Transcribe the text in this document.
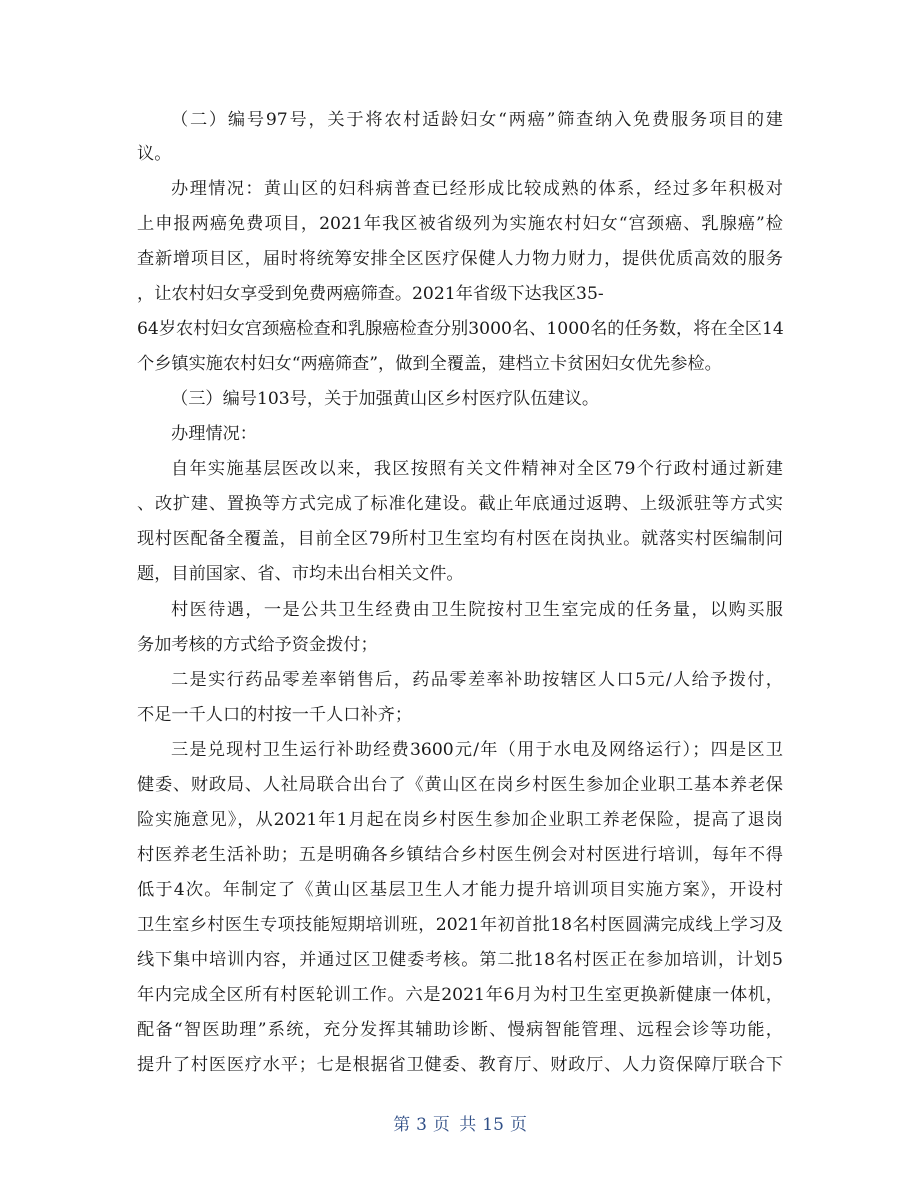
（二）编号97号，关于将农村适龄妇女“两癌”筛查纳入免费服务项目的建
议。
办理情况：黄山区的妇科病普查已经形成比较成熟的体系，经过多年积极对
上申报两癌免费项目，2021年我区被省级列为实施农村妇女“宫颈癌、乳腺癌”检
查新增项目区，届时将统筹安排全区医疗保健人力物力财力，提供优质高效的服务
，让农村妇女享受到免费两癌筛查。2021年省级下达我区35-
64岁农村妇女宫颈癌检查和乳腺癌检查分别3000名、1000名的任务数，将在全区14
个乡镇实施农村妇女“两癌筛查”，做到全覆盖，建档立卡贫困妇女优先参检。
（三）编号103号，关于加强黄山区乡村医疗队伍建议。
办理情况：
自年实施基层医改以来，我区按照有关文件精神对全区79个行政村通过新建
、改扩建、置换等方式完成了标准化建设。截止年底通过返聘、上级派驻等方式实
现村医配备全覆盖，目前全区79所村卫生室均有村医在岗执业。就落实村医编制问
题，目前国家、省、市均未出台相关文件。
村医待遇，一是公共卫生经费由卫生院按村卫生室完成的任务量，以购买服
务加考核的方式给予资金拨付；
二是实行药品零差率销售后，药品零差率补助按辖区人口5元/人给予拨付，
不足一千人口的村按一千人口补齐；
三是兑现村卫生运行补助经费3600元/年（用于水电及网络运行）；四是区卫
健委、财政局、人社局联合出台了《黄山区在岗乡村医生参加企业职工基本养老保
险实施意见》，从2021年1月起在岗乡村医生参加企业职工养老保险，提高了退岗
村医养老生活补助；五是明确各乡镇结合乡村医生例会对村医进行培训，每年不得
低于4次。年制定了《黄山区基层卫生人才能力提升培训项目实施方案》，开设村
卫生室乡村医生专项技能短期培训班，2021年初首批18名村医圆满完成线上学习及
线下集中培训内容，并通过区卫健委考核。第二批18名村医正在参加培训，计划5
年内完成全区所有村医轮训工作。六是2021年6月为村卫生室更换新健康一体机，
配备“智医助理”系统，充分发挥其辅助诊断、慢病智能管理、远程会诊等功能，
提升了村医医疗水平；七是根据省卫健委、教育厅、财政厅、人力资保障厅联合下
第 3 页 共 15 页
